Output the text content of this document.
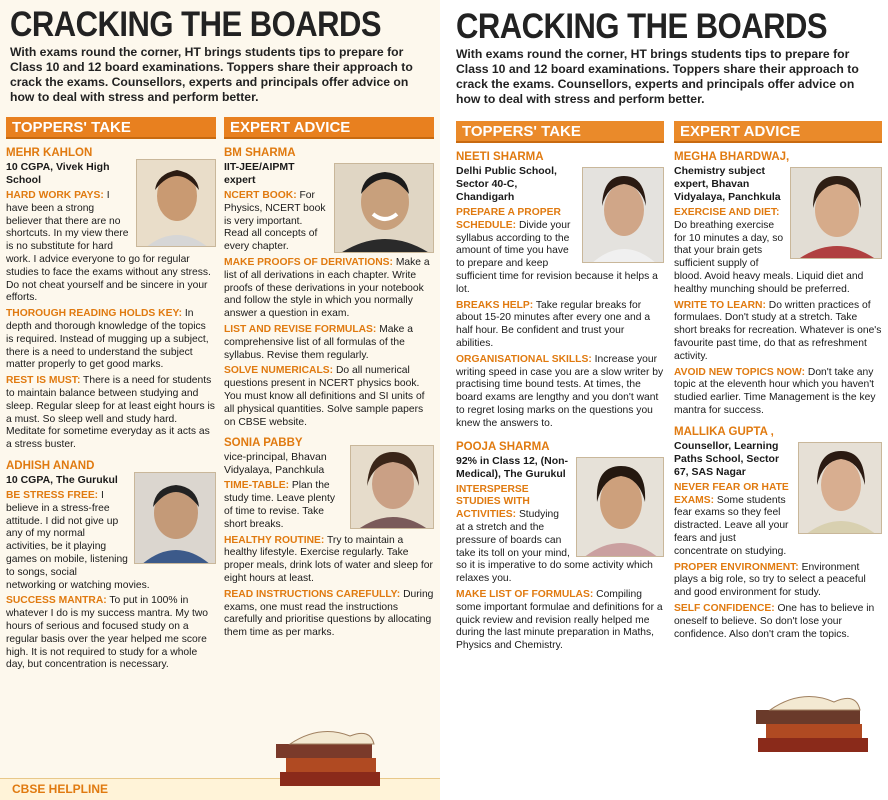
CRACKING THE BOARDS
With exams round the corner, HT brings students tips to prepare for Class 10 and 12 board examinations. Toppers share their approach to crack the exams. Counsellors, experts and principals offer advice on how to deal with stress and perform better.
TOPPERS' TAKE
MEHR KAHLON
10 CGPA, Vivek High School
HARD WORK PAYS: I have been a strong believer that there are no shortcuts. In my view there is no substitute for hard work. I advice everyone to go for regular studies to face the exams without any stress. Do not cheat yourself and be sincere in your efforts.
THOROUGH READING HOLDS KEY: In depth and thorough knowledge of the topics is required. Instead of mugging up a subject, there is a need to understand the subject matter properly to get good marks.
REST IS MUST: There is a need for students to maintain balance between studying and sleep. Regular sleep for at least eight hours is a must. So sleep well and study hard. Meditate for sometime everyday as it acts as a stress buster.
ADHISH ANAND
10 CGPA, The Gurukul
BE STRESS FREE: I believe in a stress-free attitude. I did not give up any of my normal activities, be it playing games on mobile, listening to songs, social networking or watching movies.
SUCCESS MANTRA: To put in 100% in whatever I do is my success mantra. My two hours of serious and focused study on a regular basis over the year helped me score high. It is not required to study for a whole day, but concentration is necessary.
EXPERT ADVICE
BM SHARMA
IIT-JEE/AIPMT expert
NCERT BOOK: For Physics, NCERT book is very important. Read all concepts of every chapter.
MAKE PROOFS OF DERIVATIONS: Make a list of all derivations in each chapter. Write proofs of these derivations in your notebook and follow the style in which you normally answer a question in exam.
LIST AND REVISE FORMULAS: Make a comprehensive list of all formulas of the syllabus. Revise them regularly.
SOLVE NUMERICALS: Do all numerical questions present in NCERT physics book. You must know all definitions and SI units of all physical quantities. Solve sample papers on CBSE website.
SONIA PABBY
vice-principal, Bhavan Vidyalaya, Panchkula
TIME-TABLE: Plan the study time. Leave plenty of time to revise. Take short breaks.
HEALTHY ROUTINE: Try to maintain a healthy lifestyle. Exercise regularly. Take proper meals, drink lots of water and sleep for eight hours at least.
READ INSTRUCTIONS CAREFULLY: During exams, one must read the instructions carefully and prioritise questions by allocating them time as per marks.
CBSE HELPLINE
CRACKING THE BOARDS
With exams round the corner, HT brings students tips to prepare for Class 10 and 12 board examinations. Toppers share their approach to crack the exams. Counsellors, experts and principals offer advice on how to deal with stress and perform better.
TOPPERS' TAKE
NEETI SHARMA
Delhi Public School, Sector 40-C, Chandigarh
PREPARE A PROPER SCHEDULE: Divide your syllabus according to the amount of time you have to prepare and keep sufficient time for revision because it helps a lot.
BREAKS HELP: Take regular breaks for about 15-20 minutes after every one and a half hour. Be confident and trust your abilities.
ORGANISATIONAL SKILLS: Increase your writing speed in case you are a slow writer by practising time bound tests. At times, the board exams are lengthy and you don't want to regret losing marks on the questions you knew the answers to.
POOJA SHARMA
92% in Class 12, (Non-Medical), The Gurukul
INTERSPERSE STUDIES WITH ACTIVITIES: Studying at a stretch and the pressure of boards can take its toll on your mind, so it is imperative to do some activity which relaxes you.
MAKE LIST OF FORMULAS: Compiling some important formulae and definitions for a quick review and revision really helped me during the last minute preparation in Maths, Physics and Chemistry.
EXPERT ADVICE
MEGHA BHARDWAJ,
Chemistry subject expert, Bhavan Vidyalaya, Panchkula
EXERCISE AND DIET: Do breathing exercise for 10 minutes a day, so that your brain gets sufficient supply of blood. Avoid heavy meals. Liquid diet and healthy munching should be preferred.
WRITE TO LEARN: Do written practices of formulaes. Don't study at a stretch. Take short breaks for recreation. Whatever is one's favourite past time, do that as refreshment activity.
AVOID NEW TOPICS NOW: Don't take any topic at the eleventh hour which you haven't studied earlier. Time Management is the key mantra for success.
MALLIKA GUPTA ,
Counsellor, Learning Paths School, Sector 67, SAS Nagar
NEVER FEAR OR HATE EXAMS: Some students fear exams so they feel distracted. Leave all your fears and just concentrate on studying.
PROPER ENVIRONMENT: Environment plays a big role, so try to select a peaceful and good environment for study.
SELF CONFIDENCE: One has to believe in oneself to believe. So don't lose your confidence. Also don't cram the topics.
